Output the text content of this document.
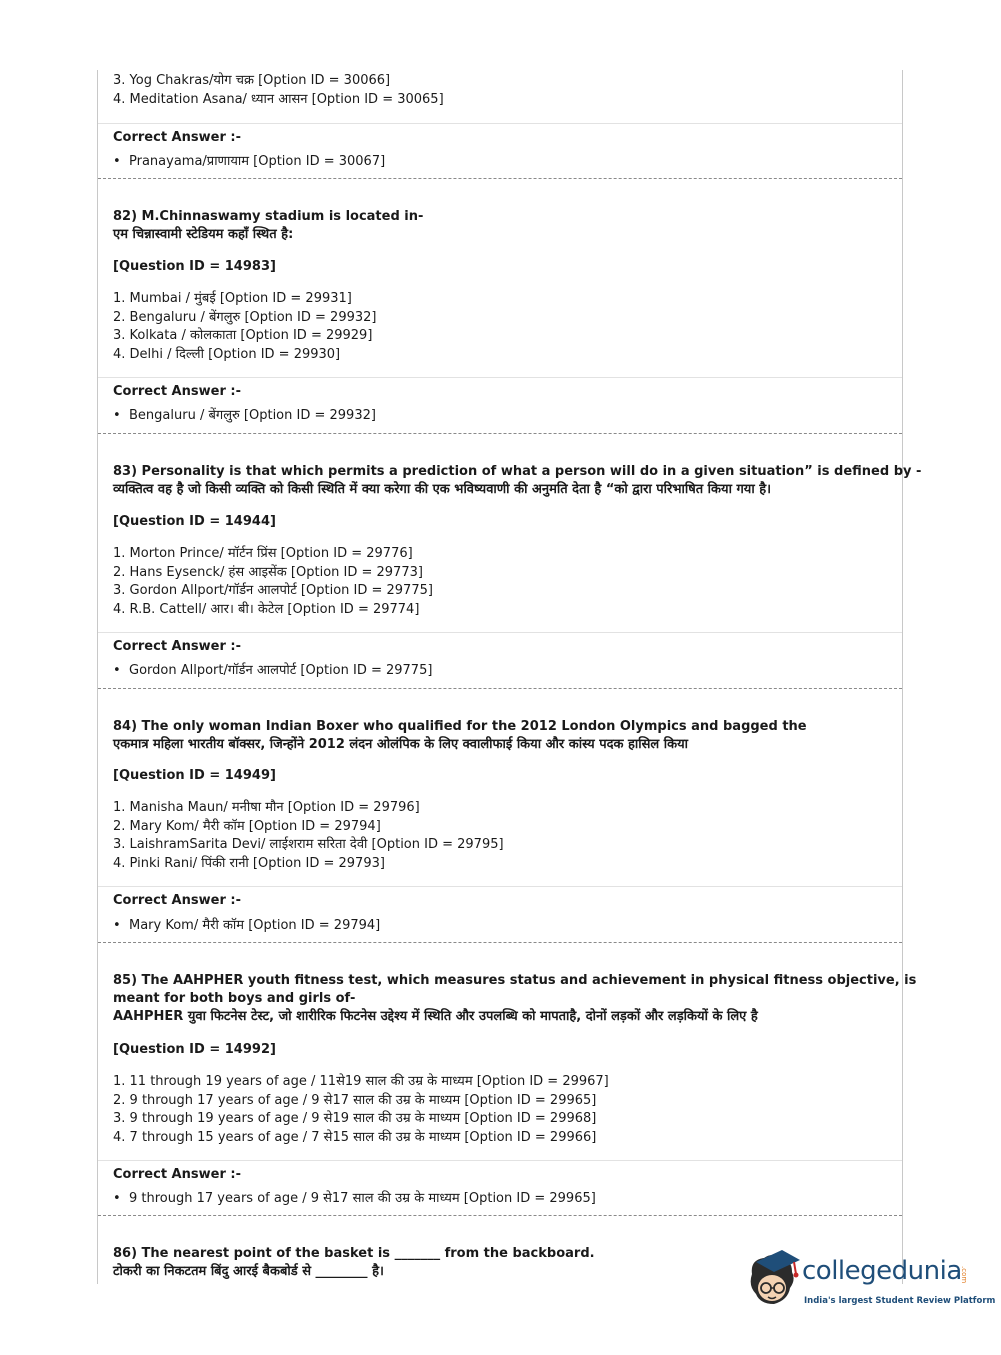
3. Yog Chakras/योग चक्र [Option ID = 30066]
4. Meditation Asana/ ध्यान आसन [Option ID = 30065]
Correct Answer :-
• Pranayama/प्राणायाम [Option ID = 30067]
82) M.Chinnaswamy stadium is located in-
एम चिन्नास्वामी स्टेडियम कहाँ स्थित है:
[Question ID = 14983]
1. Mumbai / मुंबई [Option ID = 29931]
2. Bengaluru / बेंगलुरु [Option ID = 29932]
3. Kolkata / कोलकाता [Option ID = 29929]
4. Delhi / दिल्ली [Option ID = 29930]
Correct Answer :-
• Bengaluru / बेंगलुरु [Option ID = 29932]
83) Personality is that which permits a prediction of what a person will do in a given situation” is defined by -
व्यक्तित्व वह है जो किसी व्यक्ति को किसी स्थिति में क्या करेगा की एक भविष्यवाणी की अनुमति देता है “को द्वारा परिभाषित किया गया है।
[Question ID = 14944]
1. Morton Prince/ मॉर्टन प्रिंस [Option ID = 29776]
2. Hans Eysenck/ हंस आइसेंक [Option ID = 29773]
3. Gordon Allport/गॉर्डन आलपोर्ट [Option ID = 29775]
4. R.B. Cattell/ आर। बी। केटेल [Option ID = 29774]
Correct Answer :-
• Gordon Allport/गॉर्डन आलपोर्ट [Option ID = 29775]
84) The only woman Indian Boxer who qualified for the 2012 London Olympics and bagged the
एकमात्र महिला भारतीय बॉक्सर, जिन्होंने 2012 लंदन ओलंपिक के लिए क्वालीफाई किया और कांस्य पदक हासिल किया
[Question ID = 14949]
1. Manisha Maun/ मनीषा मौन [Option ID = 29796]
2. Mary Kom/ मैरी कॉम [Option ID = 29794]
3. LaishramSarita Devi/ लाईशराम सरिता देवी [Option ID = 29795]
4. Pinki Rani/ पिंकी रानी [Option ID = 29793]
Correct Answer :-
• Mary Kom/ मैरी कॉम [Option ID = 29794]
85) The AAHPHER youth fitness test, which measures status and achievement in physical fitness objective, is
meant for both boys and girls of-
AAHPHER युवा फिटनेस टेस्ट, जो शारीरिक फिटनेस उद्देश्य में स्थिति और उपलब्धि को मापताहै, दोनों लड़कों और लड़कियों के लिए है
[Question ID = 14992]
1. 11 through 19 years of age / 11से19 साल की उम्र के माध्यम [Option ID = 29967]
2. 9 through 17 years of age / 9 से17 साल की उम्र के माध्यम [Option ID = 29965]
3. 9 through 19 years of age / 9 से19 साल की उम्र के माध्यम [Option ID = 29968]
4. 7 through 15 years of age / 7 से15 साल की उम्र के माध्यम [Option ID = 29966]
Correct Answer :-
• 9 through 17 years of age / 9 से17 साल की उम्र के माध्यम [Option ID = 29965]
86) The nearest point of the basket is _______ from the backboard.
टोकरी का निकटतम बिंदु आरई बैकबोर्ड से ________ है।	collegedunia
.com
India's largest Student Review Platform
